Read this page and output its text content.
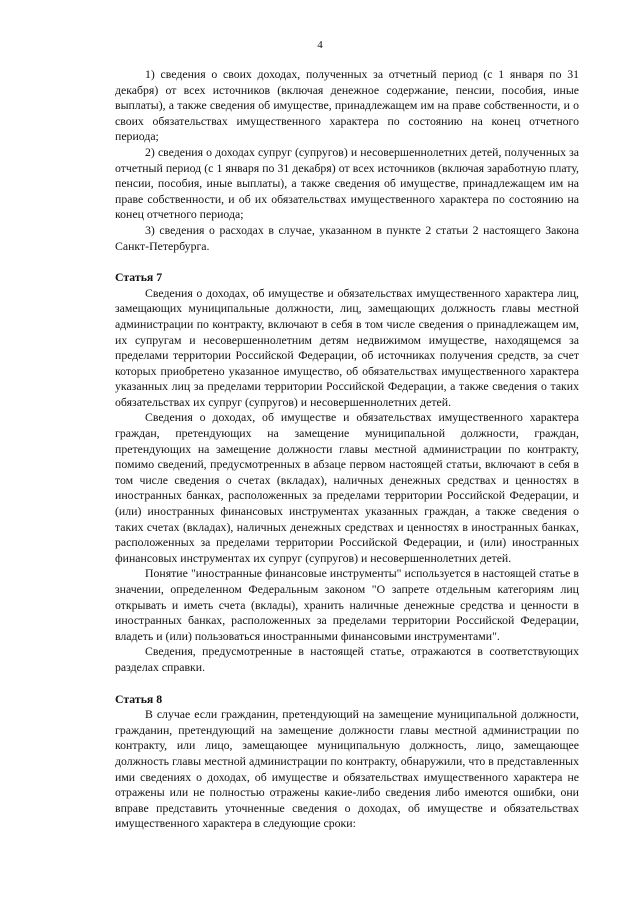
4

1) сведения о своих доходах, полученных за отчетный период (с 1 января по 31 декабря) от всех источников (включая денежное содержание, пенсии, пособия, иные выплаты), а также сведения об имуществе, принадлежащем им на праве собственности, и о своих обязательствах имущественного характера по состоянию на конец отчетного периода;

2) сведения о доходах супруг (супругов) и несовершеннолетних детей, полученных за отчетный период (с 1 января по 31 декабря) от всех источников (включая заработную плату, пенсии, пособия, иные выплаты), а также сведения об имуществе, принадлежащем им на праве собственности, и об их обязательствах имущественного характера по состоянию на конец отчетного периода;

3) сведения о расходах в случае, указанном в пункте 2 статьи 2 настоящего Закона Санкт-Петербурга.

Статья 7

Сведения о доходах, об имуществе и обязательствах имущественного характера лиц, замещающих муниципальные должности, лиц, замещающих должность главы местной администрации по контракту, включают в себя в том числе сведения о принадлежащем им, их супругам и несовершеннолетним детям недвижимом имуществе, находящемся за пределами территории Российской Федерации, об источниках получения средств, за счет которых приобретено указанное имущество, об обязательствах имущественного характера указанных лиц за пределами территории Российской Федерации, а также сведения о таких обязательствах их супруг (супругов) и несовершеннолетних детей.

Сведения о доходах, об имуществе и обязательствах имущественного характера граждан, претендующих на замещение муниципальной должности, граждан, претендующих на замещение должности главы местной администрации по контракту, помимо сведений, предусмотренных в абзаце первом настоящей статьи, включают в себя в том числе сведения о счетах (вкладах), наличных денежных средствах и ценностях в иностранных банках, расположенных за пределами территории Российской Федерации, и (или) иностранных финансовых инструментах указанных граждан, а также сведения о таких счетах (вкладах), наличных денежных средствах и ценностях в иностранных банках, расположенных за пределами территории Российской Федерации, и (или) иностранных финансовых инструментах их супруг (супругов) и несовершеннолетних детей.

Понятие "иностранные финансовые инструменты" используется в настоящей статье в значении, определенном Федеральным законом "О запрете отдельным категориям лиц открывать и иметь счета (вклады), хранить наличные денежные средства и ценности в иностранных банках, расположенных за пределами территории Российской Федерации, владеть и (или) пользоваться иностранными финансовыми инструментами".

Сведения, предусмотренные в настоящей статье, отражаются в соответствующих разделах справки.

Статья 8

В случае если гражданин, претендующий на замещение муниципальной должности, гражданин, претендующий на замещение должности главы местной администрации по контракту, или лицо, замещающее муниципальную должность, лицо, замещающее должность главы местной администрации по контракту, обнаружили, что в представленных ими сведениях о доходах, об имуществе и обязательствах имущественного характера не отражены или не полностью отражены какие-либо сведения либо имеются ошибки, они вправе представить уточненные сведения о доходах, об имуществе и обязательствах имущественного характера в следующие сроки:
